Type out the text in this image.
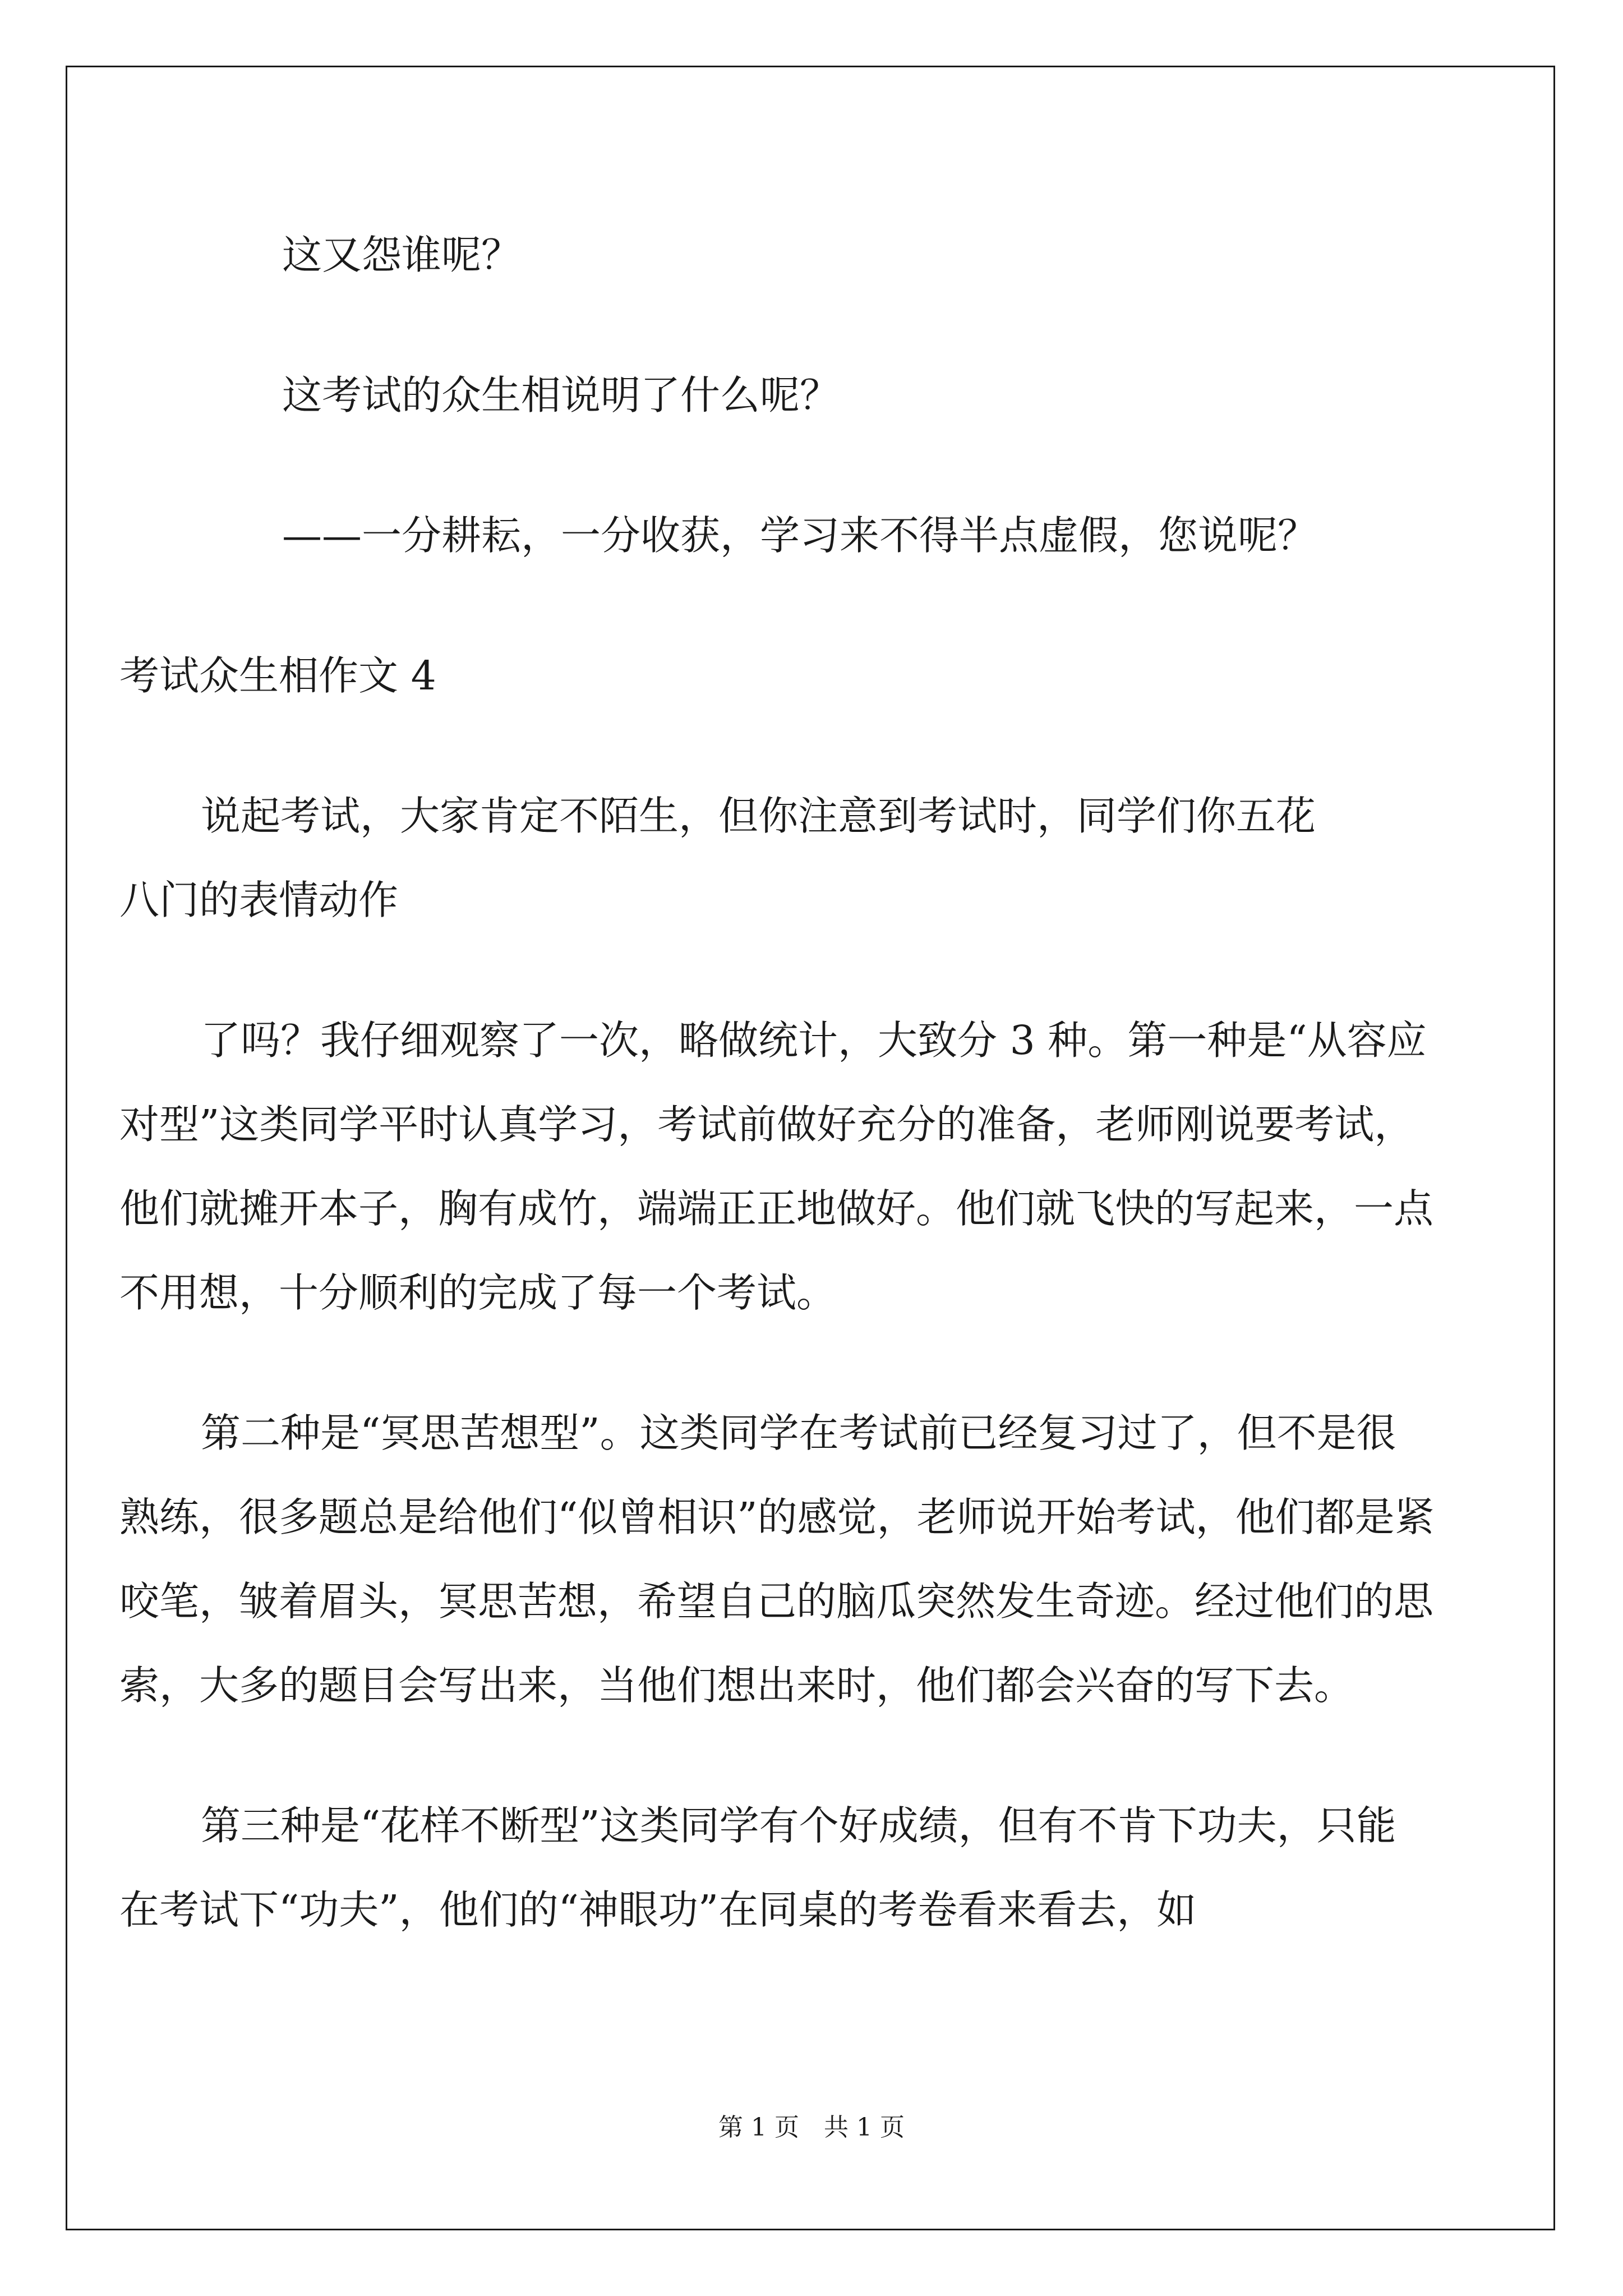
这又怨谁呢？

这考试的众生相说明了什么呢？

——一分耕耘，一分收获，学习来不得半点虚假，您说呢？

考试众生相作文 4

说起考试，大家肯定不陌生，但你注意到考试时，同学们你五花八门的表情动作

了吗？我仔细观察了一次，略做统计，大致分 3 种。第一种是“从容应对型”这类同学平时认真学习，考试前做好充分的准备，老师刚说要考试，他们就摊开本子，胸有成竹，端端正正地做好。他们就飞快的写起来，一点不用想，十分顺利的完成了每一个考试。

第二种是“冥思苦想型”。这类同学在考试前已经复习过了，但不是很熟练，很多题总是给他们“似曾相识”的感觉，老师说开始考试，他们都是紧咬笔，皱着眉头，冥思苦想，希望自己的脑瓜突然发生奇迹。经过他们的思索，大多的题目会写出来，当他们想出来时，他们都会兴奋的写下去。

第三种是“花样不断型”这类同学有个好成绩，但有不肯下功夫，只能在考试下“功夫”，他们的“神眼功”在同桌的考卷看来看去，如

第 1 页　共 1 页
